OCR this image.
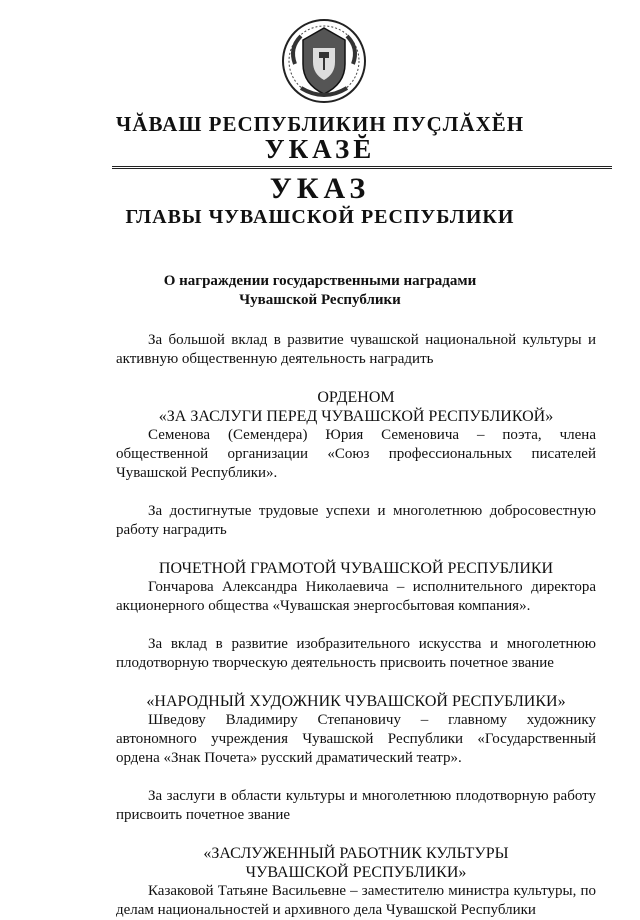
ЧĂВАШ РЕСПУБЛИКИН ПУÇЛĂХĔН
УКАЗĔ
УКАЗ
ГЛАВЫ ЧУВАШСКОЙ РЕСПУБЛИКИ
О награждении государственными наградами
Чувашской Республики

За большой вклад в развитие чувашской национальной культуры и активную общественную деятельность наградить

ОРДЕНОМ

«ЗА ЗАСЛУГИ ПЕРЕД ЧУВАШСКОЙ РЕСПУБЛИКОЙ»

Семенова (Семендера) Юрия Семеновича – поэта, члена общественной организации «Союз профессиональных писателей Чувашской Республики».

За достигнутые трудовые успехи и многолетнюю добросовестную работу наградить

ПОЧЕТНОЙ ГРАМОТОЙ ЧУВАШСКОЙ РЕСПУБЛИКИ

Гончарова Александра Николаевича – исполнительного директора акционерного общества «Чувашская энергосбытовая компания».

За вклад в развитие изобразительного искусства и многолетнюю плодотворную творческую деятельность присвоить почетное звание

«НАРОДНЫЙ ХУДОЖНИК ЧУВАШСКОЙ РЕСПУБЛИКИ»

Шведову Владимиру Степановичу – главному художнику автономного учреждения Чувашской Республики «Государственный ордена «Знак Почета» русский драматический театр».

За заслуги в области культуры и многолетнюю плодотворную работу присвоить почетное звание

«ЗАСЛУЖЕННЫЙ РАБОТНИК КУЛЬТУРЫ

ЧУВАШСКОЙ РЕСПУБЛИКИ»

Казаковой Татьяне Васильевне – заместителю министра культуры, по делам национальностей и архивного дела Чувашской Республики
